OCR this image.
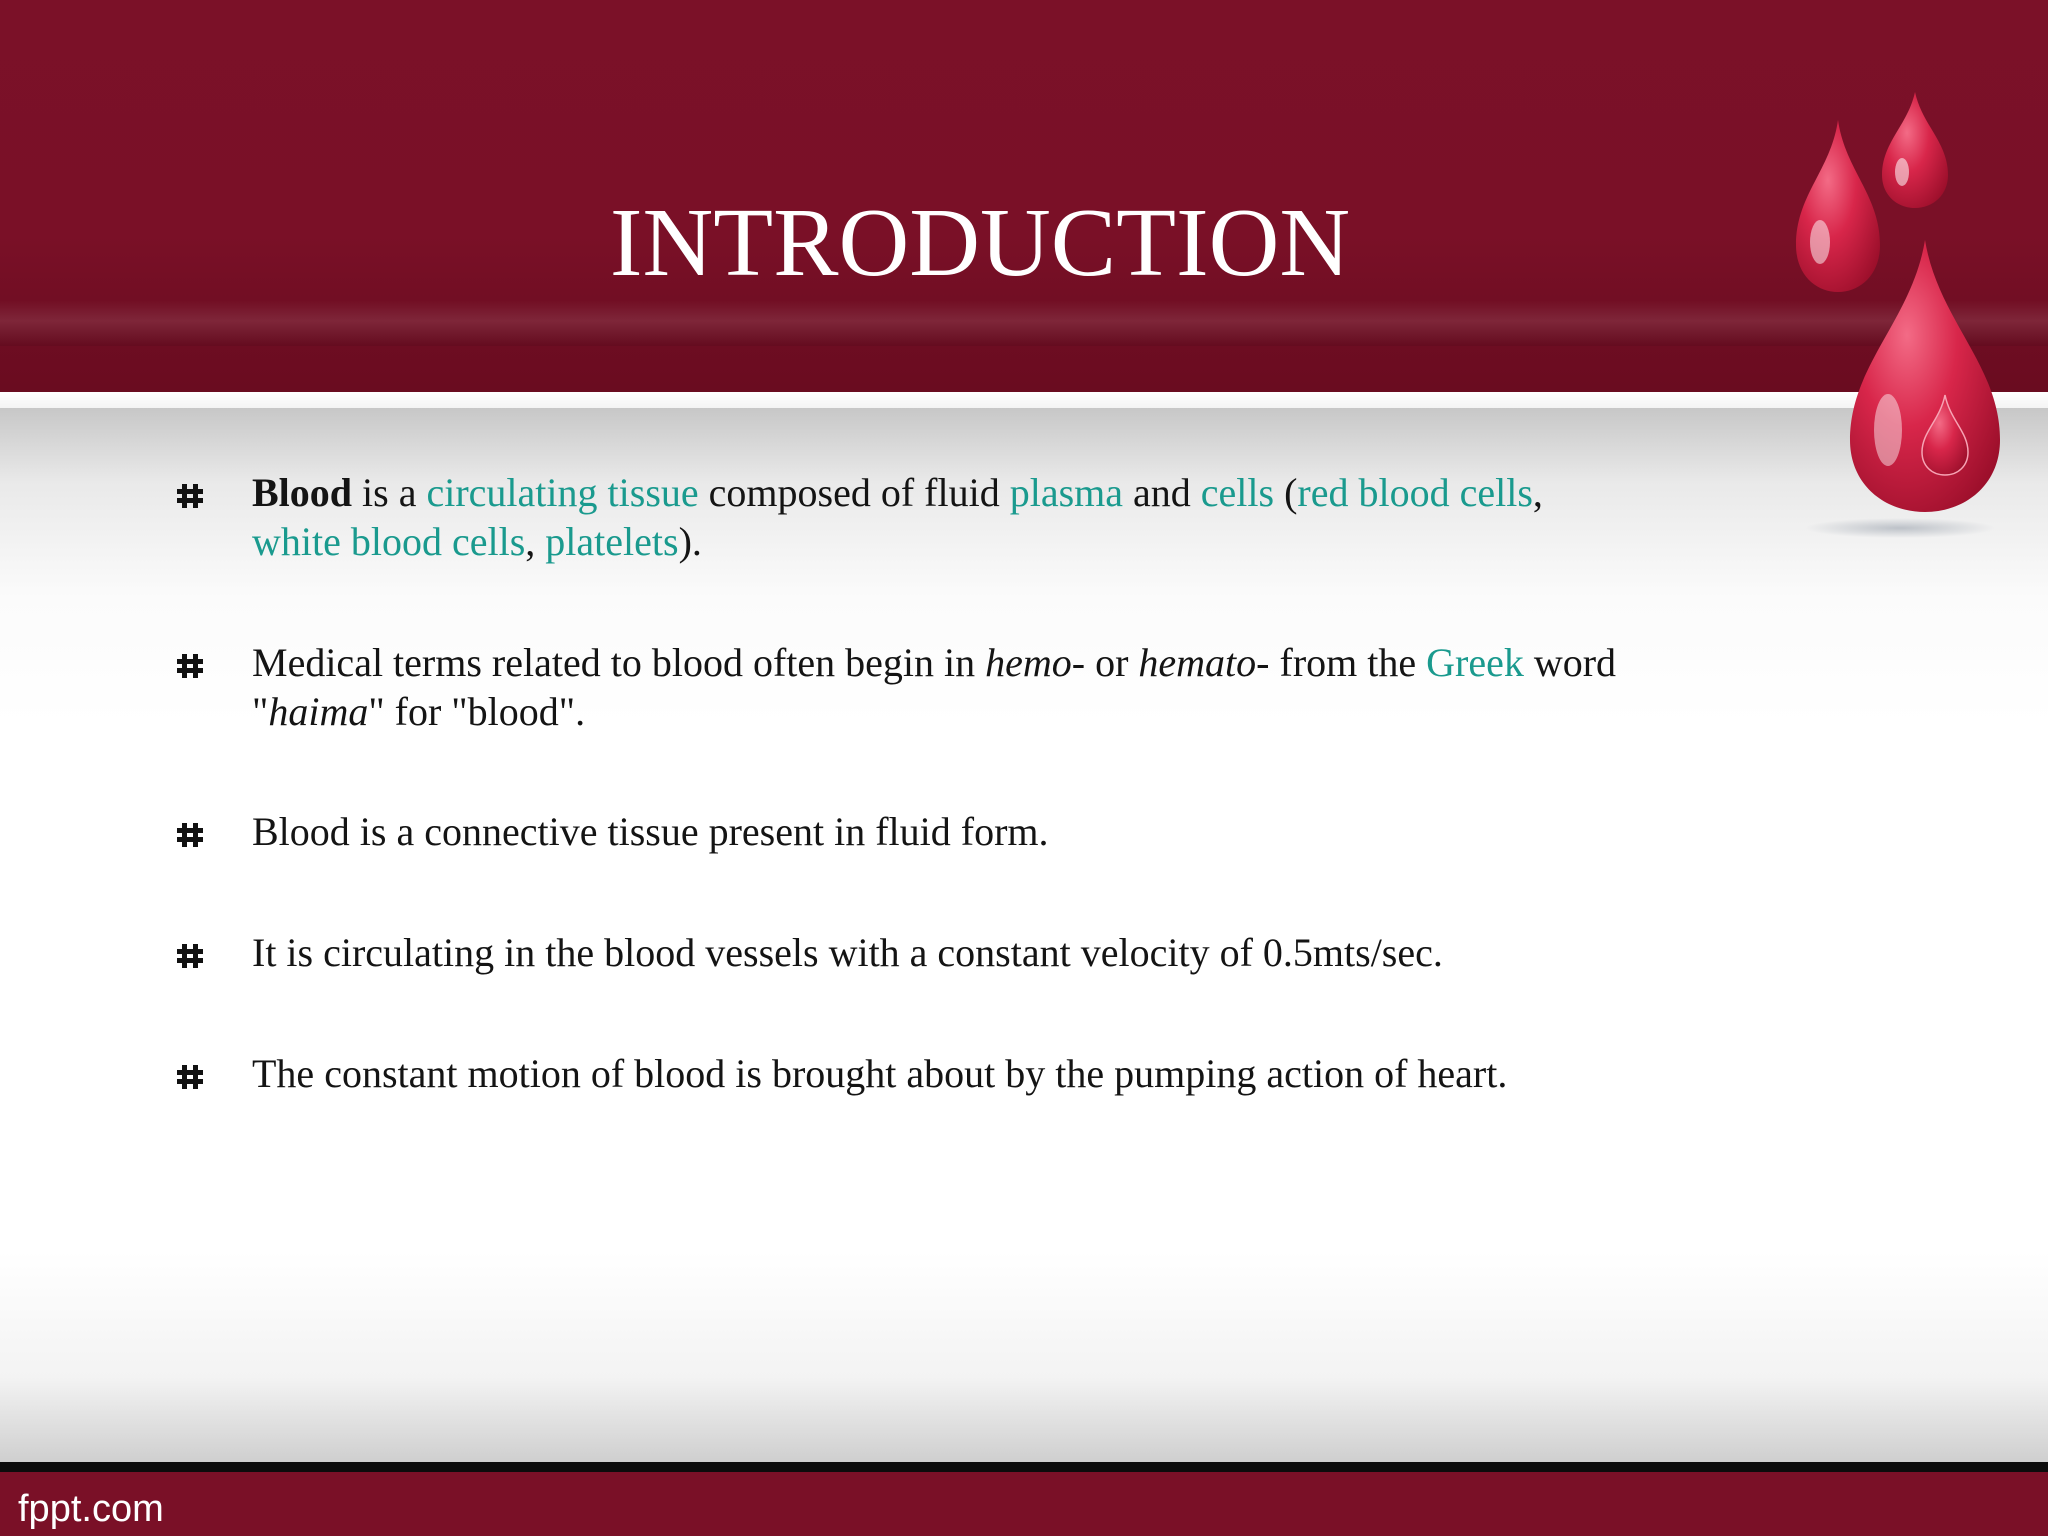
INTRODUCTION
Blood is a circulating tissue composed of fluid plasma and cells (red blood cells,
white blood cells, platelets).
Medical terms related to blood often begin in hemo- or hemato- from the Greek word
"haima" for "blood".
Blood is a connective tissue present in fluid form.
It is circulating in the blood vessels with a constant velocity of 0.5mts/sec.
The constant motion of blood is brought about by the pumping action of heart.
fppt.com
